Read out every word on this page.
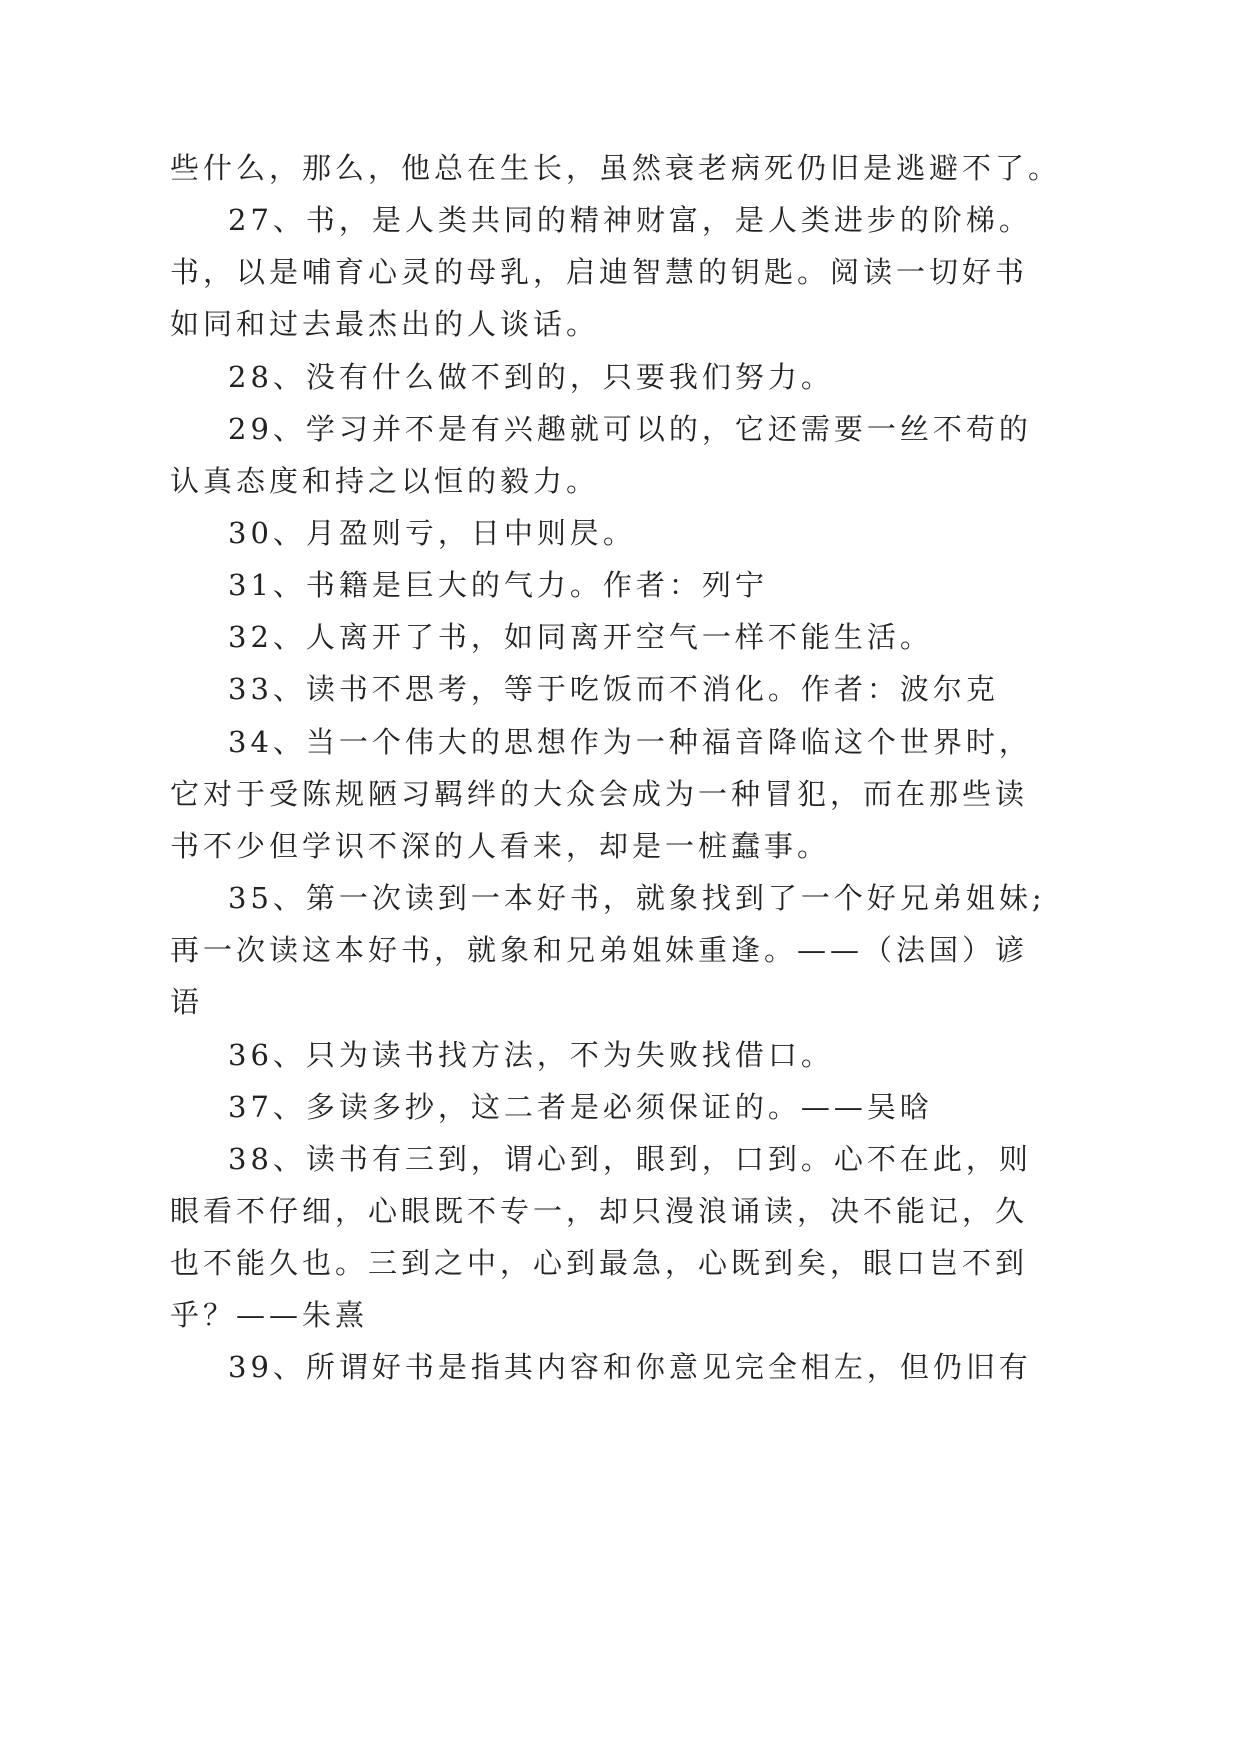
些什么，那么，他总在生长，虽然衰老病死仍旧是逃避不了。
27、书，是人类共同的精神财富，是人类进步的阶梯。
书，以是哺育心灵的母乳，启迪智慧的钥匙。阅读一切好书
如同和过去最杰出的人谈话。
28、没有什么做不到的，只要我们努力。
29、学习并不是有兴趣就可以的，它还需要一丝不苟的
认真态度和持之以恒的毅力。
30、月盈则亏，日中则昃。
31、书籍是巨大的气力。作者：列宁
32、人离开了书，如同离开空气一样不能生活。
33、读书不思考，等于吃饭而不消化。作者：波尔克
34、当一个伟大的思想作为一种福音降临这个世界时，
它对于受陈规陋习羁绊的大众会成为一种冒犯，而在那些读
书不少但学识不深的人看来，却是一桩蠢事。
35、第一次读到一本好书，就象找到了一个好兄弟姐妹;
再一次读这本好书，就象和兄弟姐妹重逢。——（法国）谚
语
36、只为读书找方法，不为失败找借口。
37、多读多抄，这二者是必须保证的。——吴晗
38、读书有三到，谓心到，眼到，口到。心不在此，则
眼看不仔细，心眼既不专一，却只漫浪诵读，决不能记，久
也不能久也。三到之中，心到最急，心既到矣，眼口岂不到
乎？——朱熹
39、所谓好书是指其内容和你意见完全相左，但仍旧有
